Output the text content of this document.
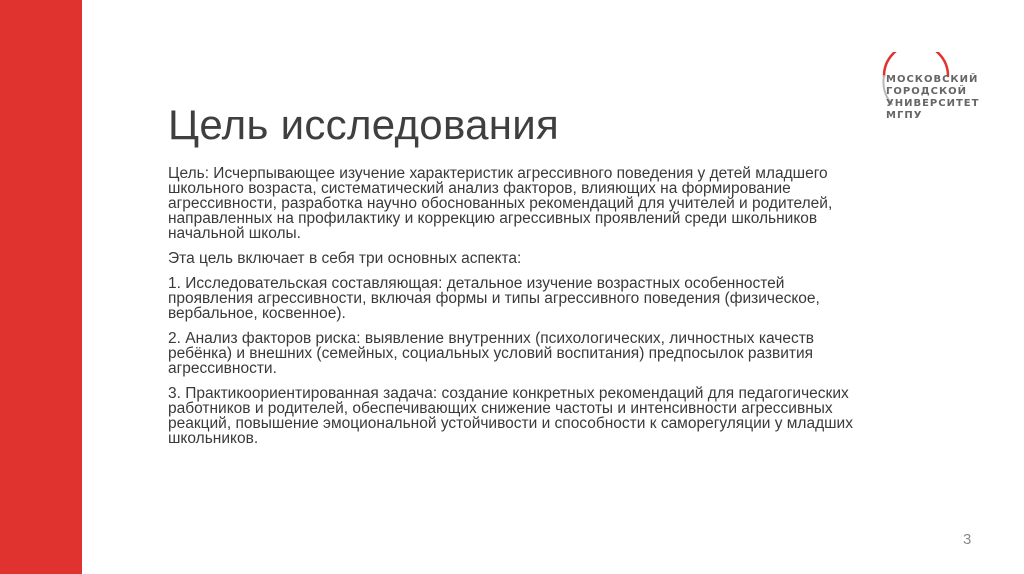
МОСКОВСКИЙ
ГОРОДСКОЙ
УНИВЕРСИТЕТ
МГПУ
Цель исследования

Цель: Исчерпывающее изучение характеристик агрессивного поведения у детей младшего школьного возраста, систематический анализ факторов, влияющих на формирование агрессивности, разработка научно обоснованных рекомендаций для учителей и родителей, направленных на профилактику и коррекцию агрессивных проявлений среди школьников начальной школы.

Эта цель включает в себя три основных аспекта:

1. Исследовательская составляющая: детальное изучение возрастных особенностей проявления агрессивности, включая формы и типы агрессивного поведения (физическое, вербальное, косвенное).

2. Анализ факторов риска: выявление внутренних (психологических, личностных качеств ребёнка) и внешних (семейных, социальных условий воспитания) предпосылок развития агрессивности.

3. Практикоориентированная задача: создание конкретных рекомендаций для педагогических работников и родителей, обеспечивающих снижение частоты и интенсивности агрессивных реакций, повышение эмоциональной устойчивости и способности к саморегуляции у младших школьников.

3
